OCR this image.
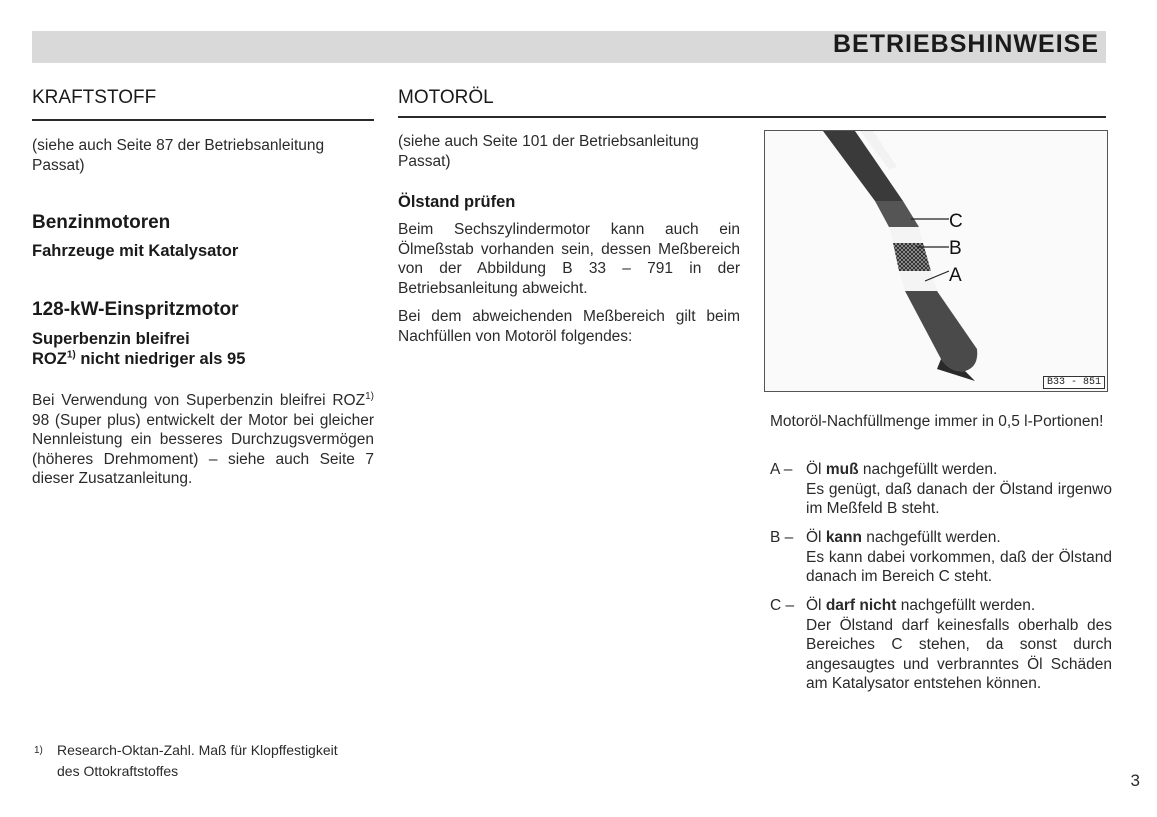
BETRIEBSHINWEISE
KRAFTSTOFF

(siehe auch Seite 87 der Betriebsanleitung Passat)

Benzinmotoren
Fahrzeuge mit Katalysator
128-kW-Einspritzmotor
Superbenzin bleifrei
ROZ$^{1)}$ nicht niedriger als 95

Bei Verwendung von Superbenzin bleifrei ROZ$^{1)}$ 98 (Super plus) entwickelt der Motor bei gleicher Nennleistung ein besseres Durchzugsvermögen (höheres Drehmoment) – siehe auch Seite 7 dieser Zusatzanleitung.

1) Research-Oktan-Zahl. Maß für Klopffestigkeit
des Ottokraftstoffes
MOTORÖL

(siehe auch Seite 101 der Betriebsanleitung Passat)

Ölstand prüfen

Beim Sechszylindermotor kann auch ein Ölmeßstab vorhanden sein, dessen Meßbereich von der Abbildung B 33 – 791 in der Betriebsanleitung abweicht.

Bei dem abweichenden Meßbereich gilt beim Nachfüllen von Motoröl folgendes:

C
B
A
B33 - 851

Motoröl-Nachfüllmenge immer in 0,5 l-Portionen!

A – Öl muß nachgefüllt werden.
Es genügt, daß danach der Ölstand irgenwo im Meßfeld B steht.
B – Öl kann nachgefüllt werden.
Es kann dabei vorkommen, daß der Ölstand danach im Bereich C steht.
C – Öl darf nicht nachgefüllt werden.
Der Ölstand darf keinesfalls oberhalb des Bereiches C stehen, da sonst durch angesaugtes und verbranntes Öl Schäden am Katalysator entstehen können.
3
